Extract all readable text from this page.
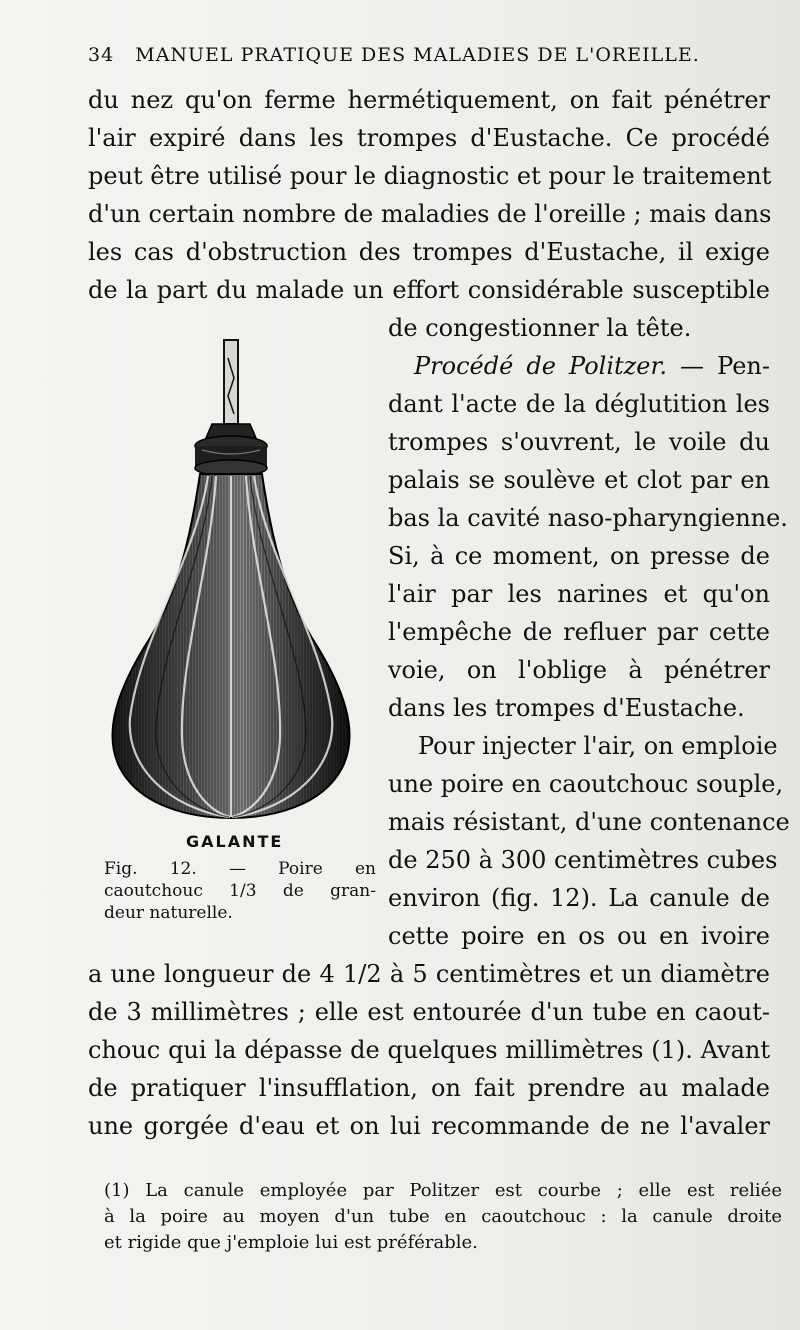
34 MANUEL PRATIQUE DES MALADIES DE L'OREILLE.
du nez qu'on ferme hermétiquement, on fait pénétrer
l'air expiré dans les trompes d'Eustache. Ce procédé
peut être utilisé pour le diagnostic et pour le traitement
d'un certain nombre de maladies de l'oreille ; mais dans
les cas d'obstruction des trompes d'Eustache, il exige
de la part du malade un effort considérable susceptible
de congestionner la tête.
Procédé de Politzer. — Pen-
dant l'acte de la déglutition les
trompes s'ouvrent, le voile du
palais se soulève et clot par en
bas la cavité naso-pharyngienne.
Si, à ce moment, on presse de
l'air par les narines et qu'on
l'empêche de refluer par cette
voie, on l'oblige à pénétrer
dans les trompes d'Eustache.
Pour injecter l'air, on emploie
une poire en caoutchouc souple,
mais résistant, d'une contenance
de 250 à 300 centimètres cubes
environ (fig. 12). La canule de
cette poire en os ou en ivoire
a une longueur de 4 1/2 à 5 centimètres et un diamètre
de 3 millimètres ; elle est entourée d'un tube en caout-
chouc qui la dépasse de quelques millimètres (1). Avant
de pratiquer l'insufflation, on fait prendre au malade
une gorgée d'eau et on lui recommande de ne l'avaler
GALANTE
Fig. 12. — Poire en
caoutchouc 1/3 de gran-
deur naturelle.
(1) La canule employée par Politzer est courbe ; elle est reliée
à la poire au moyen d'un tube en caoutchouc : la canule droite
et rigide que j'emploie lui est préférable.
